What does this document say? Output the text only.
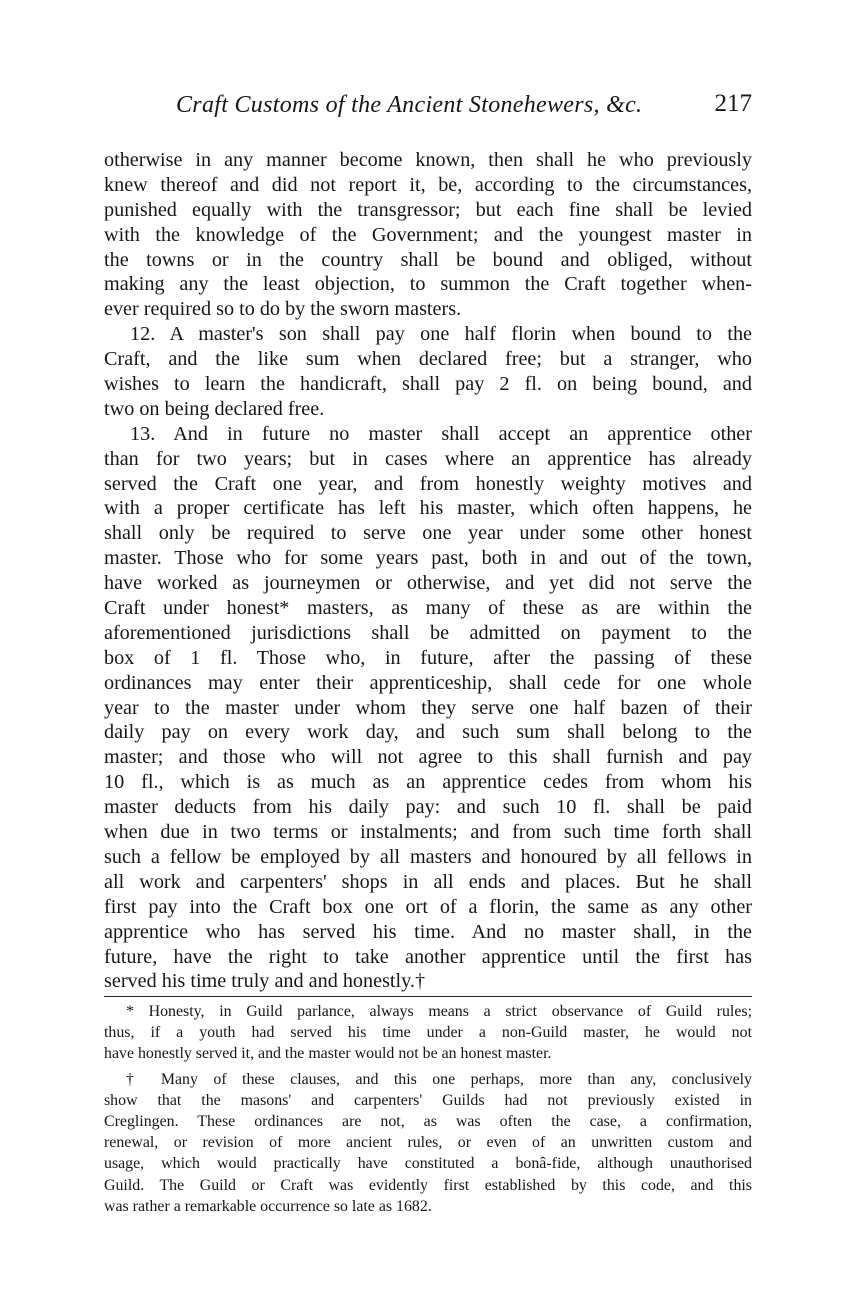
Craft Customs of the Ancient Stonehewers, &c.	217
otherwise in any manner become known, then shall he who previously
knew thereof and did not report it, be, according to the circumstances,
punished equally with the transgressor; but each fine shall be levied
with the knowledge of the Government; and the youngest master in
the towns or in the country shall be bound and obliged, without
making any the least objection, to summon the Craft together when-
ever required so to do by the sworn masters.
12. A master's son shall pay one half florin when bound to the
Craft, and the like sum when declared free; but a stranger, who
wishes to learn the handicraft, shall pay 2 fl. on being bound, and
two on being declared free.
13. And in future no master shall accept an apprentice other
than for two years; but in cases where an apprentice has already
served the Craft one year, and from honestly weighty motives and
with a proper certificate has left his master, which often happens, he
shall only be required to serve one year under some other honest
master. Those who for some years past, both in and out of the town,
have worked as journeymen or otherwise, and yet did not serve the
Craft under honest* masters, as many of these as are within the
aforementioned jurisdictions shall be admitted on payment to the
box of 1 fl. Those who, in future, after the passing of these
ordinances may enter their apprenticeship, shall cede for one whole
year to the master under whom they serve one half bazen of their
daily pay on every work day, and such sum shall belong to the
master; and those who will not agree to this shall furnish and pay
10 fl., which is as much as an apprentice cedes from whom his
master deducts from his daily pay: and such 10 fl. shall be paid
when due in two terms or instalments; and from such time forth shall
such a fellow be employed by all masters and honoured by all fellows in
all work and carpenters' shops in all ends and places. But he shall
first pay into the Craft box one ort of a florin, the same as any other
apprentice who has served his time. And no master shall, in the
future, have the right to take another apprentice until the first has
served his time truly and and honestly.†
* Honesty, in Guild parlance, always means a strict observance of Guild rules;
thus, if a youth had served his time under a non-Guild master, he would not
have honestly served it, and the master would not be an honest master.
† Many of these clauses, and this one perhaps, more than any, conclusively
show that the masons' and carpenters' Guilds had not previously existed in
Creglingen. These ordinances are not, as was often the case, a confirmation,
renewal, or revision of more ancient rules, or even of an unwritten custom and
usage, which would practically have constituted a bonâ-fide, although unauthorised
Guild. The Guild or Craft was evidently first established by this code, and this
was rather a remarkable occurrence so late as 1682.
